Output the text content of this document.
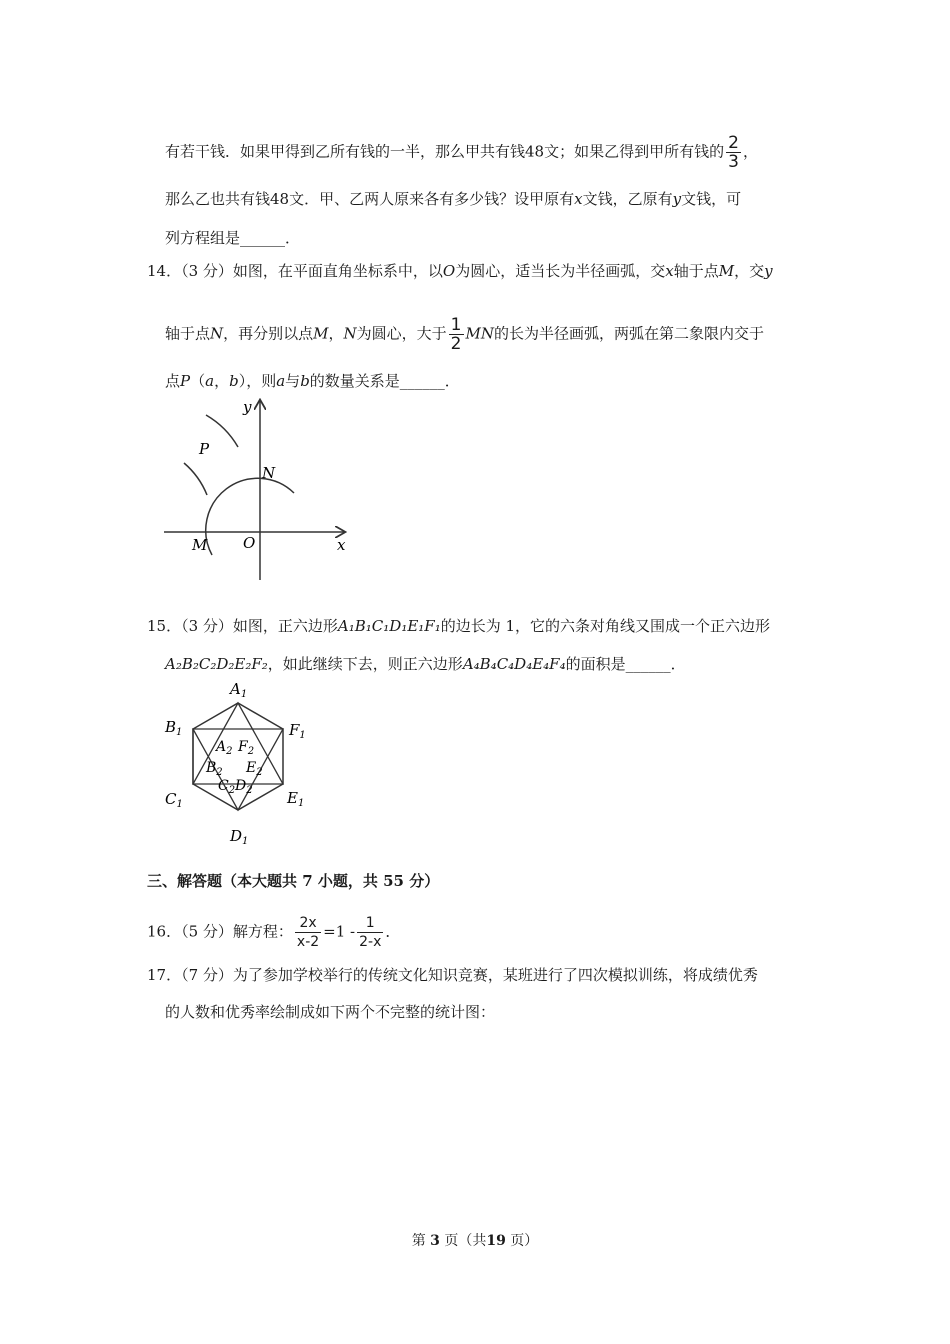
有若干钱．如果甲得到乙所有钱的一半，那么甲共有钱48文；如果乙得到甲所有钱的 $\frac{2}{3}$ ，
那么乙也共有钱48文．甲、乙两人原来各有多少钱？设甲原有x文钱，乙原有y文钱，可
列方程组是______．
14．（3 分）如图，在平面直角坐标系中，以O为圆心，适当长为半径画弧，交x轴于点M，交y
轴于点N，再分别以点M，N为圆心，大于 $\frac{1}{2}$ MN的长为半径画弧，两弧在第二象限内交于
点P（a，b），则a与b的数量关系是______．
y
x
P
N
M O
15．（3 分）如图，正六边形A₁B₁C₁D₁E₁F₁的边长为 1，它的六条对角线又围成一个正六边形
A₂B₂C₂D₂E₂F₂，如此继续下去，则正六边形A₄B₄C₄D₄E₄F₄的面积是______．
$A_1$
$B_1$	$F_1$
$C_1$	$E_1$
$D_1$
$A_2$ $F_2$
$B_2$ $E_2$
$C_2$ $D_2$
三、解答题（本大题共 7 小题，共 55 分）
16．（5 分）解方程： $\frac{2x}{x-2} =1 - \frac{1}{2-x}$ ．
17．（7 分）为了参加学校举行的传统文化知识竞赛，某班进行了四次模拟训练，将成绩优秀
的人数和优秀率绘制成如下两个不完整的统计图：
第 3 页（共19 页）
